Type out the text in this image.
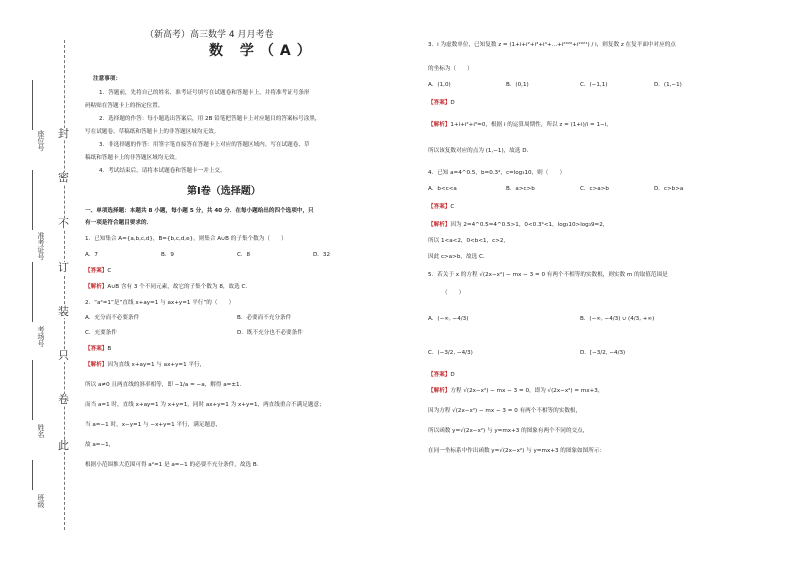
封
密
不
订
装
只
卷
此
座位号
准考证号
考场号
姓名
班级
（新高考）高三数学 4 月月考卷
数 学（A）
注意事项：
1．答题前，先将自己的姓名、准考证号填写在试题卷和答题卡上，并将准考证号条形
码粘贴在答题卡上的指定位置。
2．选择题的作答：每小题选出答案后，用 2B 铅笔把答题卡上对应题目的答案标号涂黑，
写在试题卷、草稿纸和答题卡上的非答题区域均无效。
3．非选择题的作答：用签字笔直接答在答题卡上对应的答题区域内。写在试题卷、草
稿纸和答题卡上的非答题区域均无效。
4．考试结束后，请将本试题卷和答题卡一并上交。
第Ⅰ卷（选择题）
一、单项选择题：本题共 8 小题，每小题 5 分，共 40 分．在每小题给出的四个选项中，只
有一项是符合题目要求的．
1．已知集合 A={a,b,c,d}，B={b,c,d,e}，则集合 A∪B 的子集个数为（　　）
A．7	B．9	C．8	D．32
【答案】C
【解析】A∪B 含有 3 个不同元素，故它的子集个数为 8，故选 C．
2．“a²=1”是“直线 x+ay=1 与 ax+y=1 平行”的（　　）
A．充分而不必要条件	B．必要而不充分条件
C．充要条件	D．既不充分也不必要条件
【答案】B
【解析】因为直线 x+ay=1 与 ax+y=1 平行，
所以 a≠0 且两直线的斜率相等，即 −1/a = −a，解得 a=±1．
而当 a=1 时，直线 x+ay=1 为 x+y=1，同时 ax+y=1 为 x+y=1，两直线重合不满足题意；
当 a=−1 时，x−y=1 与 −x+y=1 平行，满足题意，
故 a=−1，
根据小范围推大范围可得 a²=1 是 a=−1 的必要不充分条件，故选 B．
3．i 为虚数单位，已知复数 z = (1+i+i²+i³+i⁴+…+i²⁰²⁰+i²⁰²¹) / i，则复数 z 在复平面中对应的点
的坐标为（　　）
A．(1,0)	B．(0,1)	C．(−1,1)	D．(1,−1)
【答案】D
【解析】1+i+i²+i³=0，根据 i 的运算周期性，所以 z = (1+i)/i = 1−i，
所以该复数对应的点为 (1,−1)，故选 D．
4．已知 a=4^0.5，b=0.3⁴，c=log₃10，则（　　）
A．b<c<a	B．a>c>b	C．c>a>b	D．c>b>a
【答案】C
【解析】因为 2=4^0.5=4^0.5>1，0<0.3⁴<1，log₃10>log₃9=2，
所以 1<a<2，0<b<1，c>2，
因此 c>a>b，故选 C．
5．若关于 x 的方程 √(2x−x²) − mx − 3 = 0 有两个不相等的实数根，则实数 m 的取值范围是
（　　）
A．(−∞, −4/3)	B．(−∞, −4/3) ∪ (4/3, +∞)
C．(−3/2, −4/3)	D．[−3/2, −4/3)
【答案】D
【解析】方程 √(2x−x²) − mx − 3 = 0，即为 √(2x−x²) = mx+3，
因为方程 √(2x−x²) − mx − 3 = 0 有两个不相等的实数根，
所以函数 y=√(2x−x²) 与 y=mx+3 的图象有两个不同的交点，
在同一坐标系中作出函数 y=√(2x−x²) 与 y=mx+3 的图象如图所示：
